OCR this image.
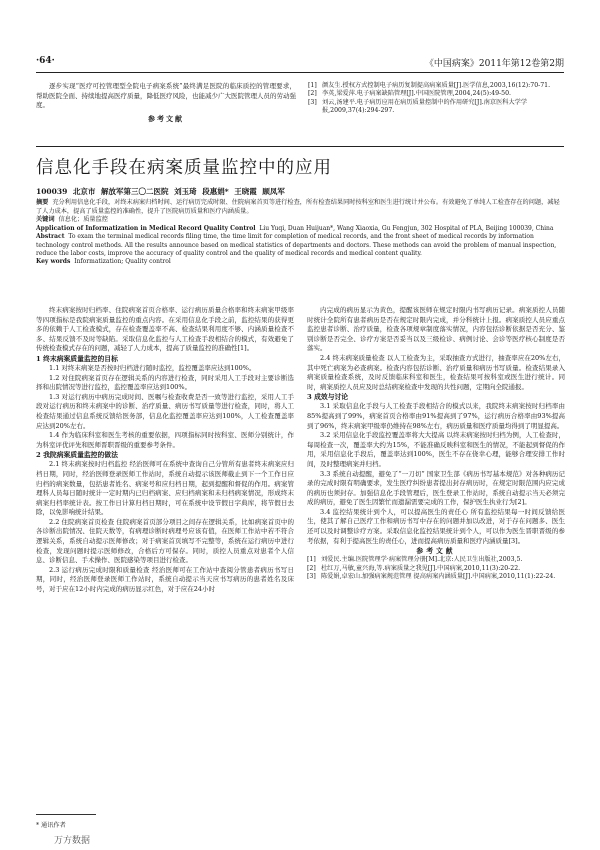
·64·	《中国病案》2011年第12卷第2期

逐步实现“医疗可控管理型全院电子病案系统”最终满足医院的临床质控的管理要求，帮助医院全面、持续地提高医疗质量，降低医疗风险，也能减少广大医院管理人员的劳动强度。

参考文献
[1] 颜友生.授权方式控制电子病历复制提高病案质量[J].医学信息,2003,16(12):70-71.
[2] 李英,梁爱萍.电子病案缺陷管理[J].中国医院管理,2004,24(5):49-50.
[3] 刘云,汤建平.电子病历应用在病历质量控制中的作用研究[J].南京医科大学学报,2009,37(4):294-297.
信息化手段在病案质量监控中的应用
100039 北京市 解放军第三〇二医院 刘玉琦 段惠娟* 王晓霞 顾凤军
摘要 充分利用信息化手段，对终末病案归档时间、运行病历完成时限、住院病案首页等进行检查，所有检查结果同时按科室和医生进行统计并公布。有效避免了单纯人工检查存在的问题，减轻了人力成本，提高了质量监控的准确性，提升了医院病历质量和医疗内涵质量。
关键词 信息化；质量监控
Application of Informatization in Medical Record Quality Control Liu Yuqi, Duan Huijuan*, Wang Xiaoxia, Gu Fengjun, 302 Hospital of PLA, Beijing 100039, China
Abstract To exam the terminal medical records filing time, the time limit for completion of medical records, and the front sheet of medical records by information technology control methods. All the results announce based on medical statistics of departments and doctors. These methods can avoid the problem of manual inspection, reduce the labor costs, improve the accuracy of quality control and the quality of medical records and medical content quality.
Key words Informatization; Quality control

终末病案按时归档率、住院病案首页合格率、运行病历质量合格率和终末病案甲级率等四项指标是我院病案质量监控的重点内容。在采用信息化手段之前，监控结果的获得更多的依赖于人工检查模式，存在检查覆盖率不高、检查结果利用度不够、内涵质量检查不多、结果反馈不及时等缺陷。采取信息化监控与人工检查手段相结合的模式，有效避免了传统检查模式存在的问题，减轻了人力成本，提高了质量监控的准确性[1]。

1 终末病案质量监控的目标

1.1 对终末病案是否按时归档进行随时监控，监控覆盖率应达到100%。

1.2 对住院病案首页存在逻辑关系的内容进行检查，同时采用人工手段对主要诊断选择和出院情况等进行监控，监控覆盖率应达到100%。

1.3 对运行病历中病历完成时间、医嘱与检查收费是否一致等进行监控，采用人工手段对运行病历和终末病案中的诊断、治疗质量、病历书写质量等进行检查，同时，将人工检查结果通过信息系统反馈给医务部，信息化监控覆盖率应达到100%，人工检查覆盖率应达到20%左右。

1.4 作为临床科室和医生考核的重要依据，四项指标同时按科室、医师分别统计，作为科室评优评先和医师晋职晋级的重要参考条件。

2 我院病案质量监控的做法

2.1 终末病案按时归档监控 经治医师可在系统中查询自己分管所有患者终末病案应归档日期，同时，经治医师登录医师工作站时，系统自动提示该医师截止到下一个工作日应归档的病案数量，包括患者姓名、病案号和应归档日期，起到提醒和督促的作用。病案管理科人员每日随时统计一定时期内已归档病案、应归档病案和未归档病案情况，形成终末病案归档率统计表。按工作日计算归档日期时，可在系统中设节假日字典库，将节假日去除，以免影响统计结果。

2.2 住院病案首页检查 住院病案首页部分项目之间存在逻辑关系，比如病案首页中的各诊断出院情况、住院天数等，有病理诊断时病理号应该有值，在医师工作站中若不符合逻辑关系，系统自动提示医师修改；对于病案首页填写不完整等，系统在运行病历中进行检查，发现问题时提示医师修改，合格后方可保存。同时，质控人员重点对患者个人信息、诊断信息、手术操作、医院感染等项目进行检查。

2.3 运行病历完成时限和质量检查 经治医师可在工作站中查阅分管患者病历书写日期，同时，经治医师登录医师工作站时，系统自动提示当天应书写病历的患者姓名及床号，对于应在12小时内完成的病历显示红色，对于应在24小时

内完成的病历显示为黄色，提醒该医师在规定时限内书写病历记录。病案质控人员随时统计全院所有患者病历是否在规定时限内完成，并分科统计上报。病案质控人员应重点监控患者诊断、治疗质量，检查各项规章制度落实情况，内容包括诊断依据是否充分、鉴别诊断是否完全、诊疗方案是否妥当以及三级检诊、病例讨论、会诊等医疗核心制度是否落实。

2.4 终末病案质量检查 以人工检查为主，采取抽查方式进行，抽查率应在20%左右，其中死亡病案为必查病案。检查内容包括诊断、治疗质量和病历书写质量。检查结果录入病案质量检查系统，及时反馈临床科室和医生，检查结果可按科室或医生进行统计。同时，病案质控人员应及时总结病案检查中发现的共性问题，定期向全院通报。

3 成效与讨论

3.1 采取信息化手段与人工检查手段相结合的模式以来，我院终末病案按时归档率由85%提高到了99%，病案首页合格率由91%提高到了97%，运行病历合格率由93%提高到了96%，终末病案甲级率仍维持在98%左右，病历质量和医疗质量均得到了明显提高。

3.2 采用信息化手段监控覆盖率将大大提高 以终末病案按时归档为例，人工检查时，每周检查一次，覆盖率大约为15%，不能准确反映科室和医生的情况，不能起到督促的作用，采用信息化手段后，覆盖率达到100%，医生不存在侥幸心理，能够合理安排工作时间，及时整理病案并归档。

3.3 系统自动提醒，避免了“一刀切” 国家卫生部《病历书写基本规范》对各种病历记录的完成时限有明确要求，发生医疗纠纷患者提出封存病历时，在规定时限范围内应完成的病历也须封存。加强信息化手段管理后，医生登录工作站时，系统自动提示当天必须完成的病历，避免了医生因繁忙而遗漏需要完成的工作，保护医生执业行为[2]。

3.4 监控结果统计到个人，可以提高医生的责任心 所有监控结果每一时间反馈给医生，使其了解自己医疗工作和病历书写中存在的问题并加以改进，对于存在问题多、医生还可以及时调整诊疗方案。采取信息化监控结果统计到个人，可以作为医生晋职晋级的参考依据，有利于提高医生的责任心，进而提高病历质量和医疗内涵质量[3]。

参考文献

[1] 刘爱民.主编.医院管理学·病案管理分册[M].北京:人民卫生出版社,2003,5.
[2] 杜红万,马敏,童兴海,等.病案质量之我见[J].中国病案,2010,11(3):20-22.
[3] 陈爱娟,卓宏山.加强病案规范管理 提高病案内涵质量[J].中国病案,2010,11(1):22-24.
* 通讯作者
万方数据
